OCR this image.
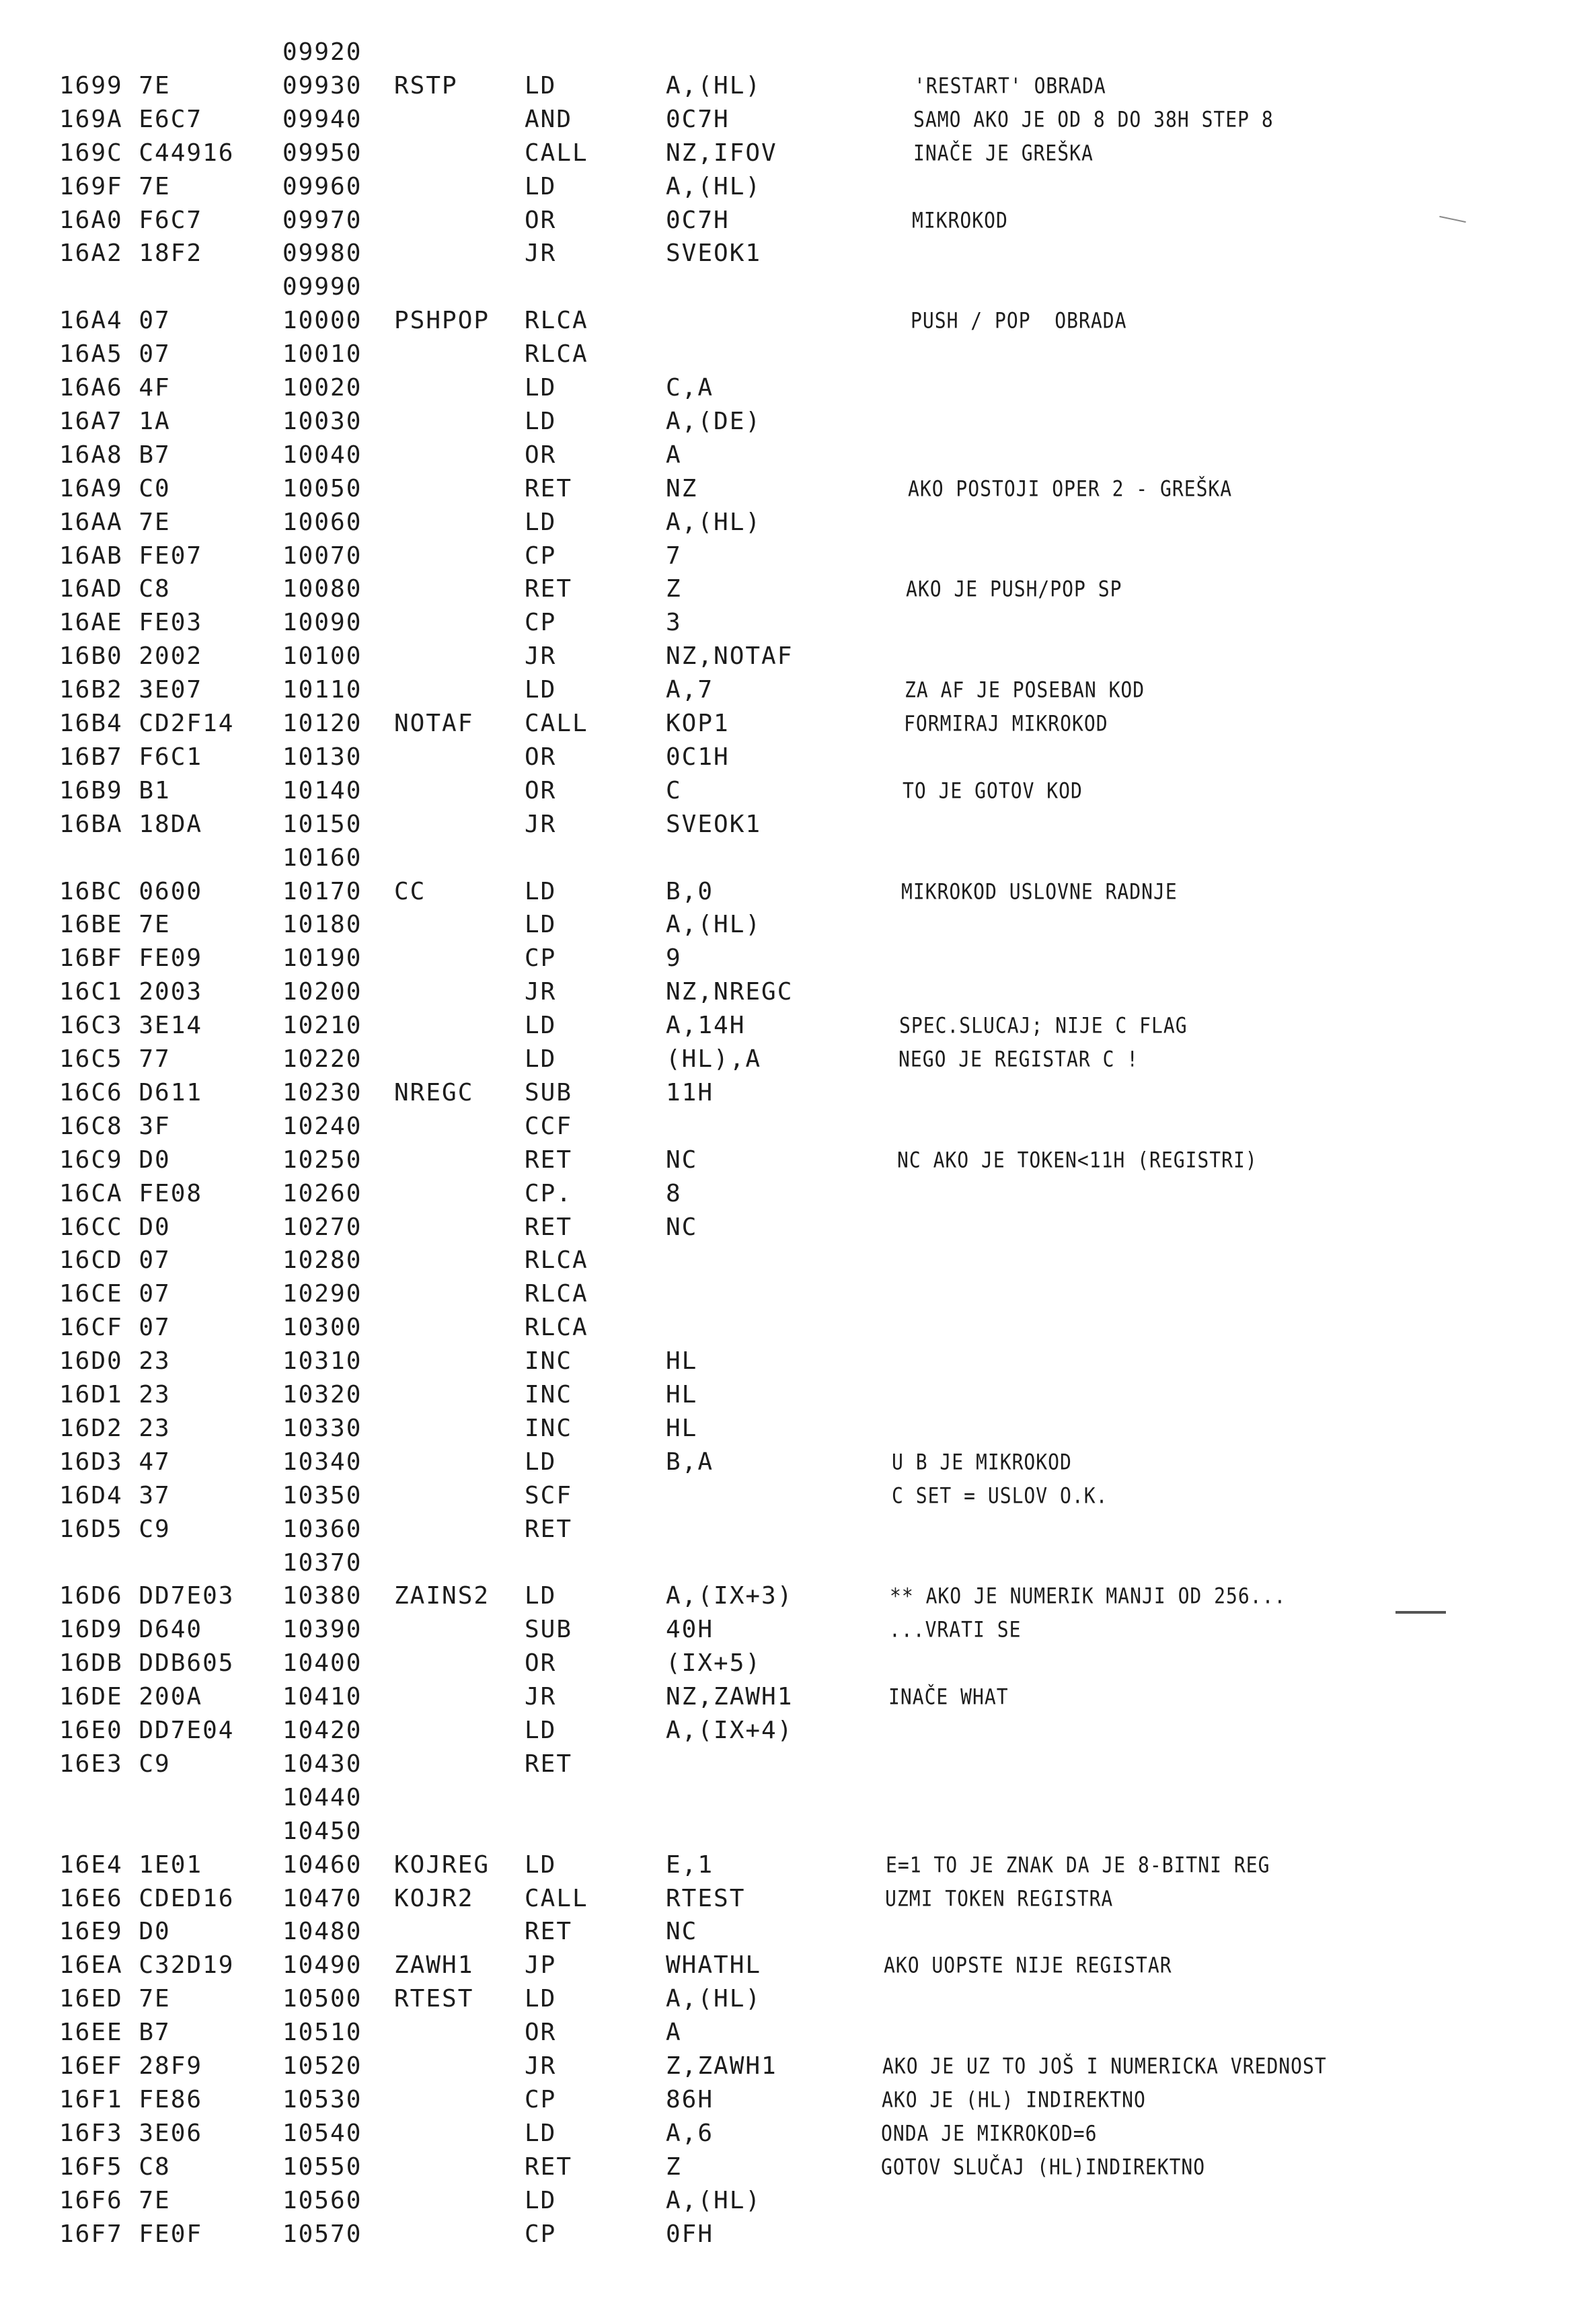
09920
1699 7E	09930 RSTP	LD	A,(HL)	'RESTART' OBRADA
169A E6C7	09940	AND	0C7H	SAMO AKO JE OD 8 DO 38H STEP 8
169C C44916 09950	CALL	NZ,IFOV	INAČE JE GREŠKA
169F 7E	09960	LD	A,(HL)
16A0 F6C7	09970	OR	0C7H	MIKROKOD
16A2 18F2	09980	JR	SVEOK1
09990
16A4 07	10000 PSHPOP RLCA	PUSH / POP  OBRADA
16A5 07	10010	RLCA
16A6 4F	10020	LD	C,A
16A7 1A	10030	LD	A,(DE)
16A8 B7	10040	OR	A
16A9 C0	10050	RET	NZ	AKO POSTOJI OPER 2 - GREŠKA
16AA 7E	10060	LD	A,(HL)
16AB FE07	10070	CP	7
16AD C8	10080	RET	Z	AKO JE PUSH/POP SP
16AE FE03	10090	CP	3
16B0 2002	10100	JR	NZ,NOTAF
16B2 3E07	10110	LD	A,7	ZA AF JE POSEBAN KOD
16B4 CD2F14 10120 NOTAF CALL	KOP1	FORMIRAJ MIKROKOD
16B7 F6C1	10130	OR	0C1H
16B9 B1	10140	OR	C	TO JE GOTOV KOD
16BA 18DA	10150	JR	SVEOK1
10160
16BC 0600	10170 CC	LD	B,0	MIKROKOD USLOVNE RADNJE
16BE 7E	10180	LD	A,(HL)
16BF FE09	10190	CP	9
16C1 2003	10200	JR	NZ,NREGC
16C3 3E14	10210	LD	A,14H	SPEC.SLUCAJ; NIJE C FLAG
16C5 77	10220	LD	(HL),A	NEGO JE REGISTAR C !
16C6 D611	10230 NREGC SUB	11H
16C8 3F	10240	CCF
16C9 D0	10250	RET	NC	NC AKO JE TOKEN<11H (REGISTRI)
16CA FE08	10260	CP.	8
16CC D0	10270	RET	NC
16CD 07	10280	RLCA
16CE 07	10290	RLCA
16CF 07	10300	RLCA
16D0 23	10310	INC	HL
16D1 23	10320	INC	HL
16D2 23	10330	INC	HL
16D3 47	10340	LD	B,A	U B JE MIKROKOD
16D4 37	10350	SCF	C SET = USLOV O.K.
16D5 C9	10360	RET
10370
16D6 DD7E03 10380 ZAINS2 LD	A,(IX+3)	** AKO JE NUMERIK MANJI OD 256...
16D9 D640	10390	SUB	40H	...VRATI SE
16DB DDB605 10400	OR	(IX+5)
16DE 200A	10410	JR	NZ,ZAWH1	INAČE WHAT
16E0 DD7E04 10420	LD	A,(IX+4)
16E3 C9	10430	RET
10440
10450
16E4 1E01	10460 KOJREG LD	E,1	E=1 TO JE ZNAK DA JE 8-BITNI REG
16E6 CDED16 10470 KOJR2 CALL	RTEST	UZMI TOKEN REGISTRA
16E9 D0	10480	RET	NC
16EA C32D19 10490 ZAWH1 JP	WHATHL	AKO UOPSTE NIJE REGISTAR
16ED 7E	10500 RTEST LD	A,(HL)
16EE B7	10510	OR	A
16EF 28F9	10520	JR	Z,ZAWH1	AKO JE UZ TO JOŠ I NUMERICKA VREDNOST
16F1 FE86	10530	CP	86H	AKO JE (HL) INDIREKTNO
16F3 3E06	10540	LD	A,6	ONDA JE MIKROKOD=6
16F5 C8	10550	RET	Z	GOTOV SLUČAJ (HL)INDIREKTNO
16F6 7E	10560	LD	A,(HL)
16F7 FE0F	10570	CP	0FH
